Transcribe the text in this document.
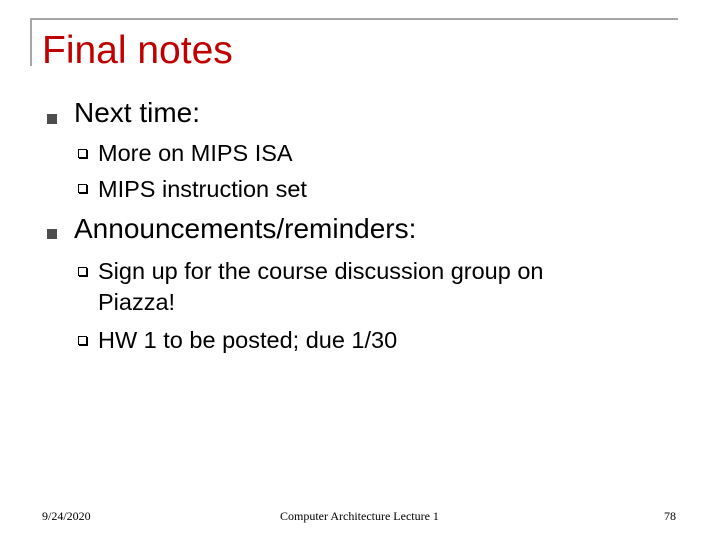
Final notes
Next time:
More on MIPS ISA
MIPS instruction set
Announcements/reminders:
Sign up for the course discussion group on
Piazza!
HW 1 to be posted; due 1/30
9/24/2020	Computer Architecture Lecture 1	78
